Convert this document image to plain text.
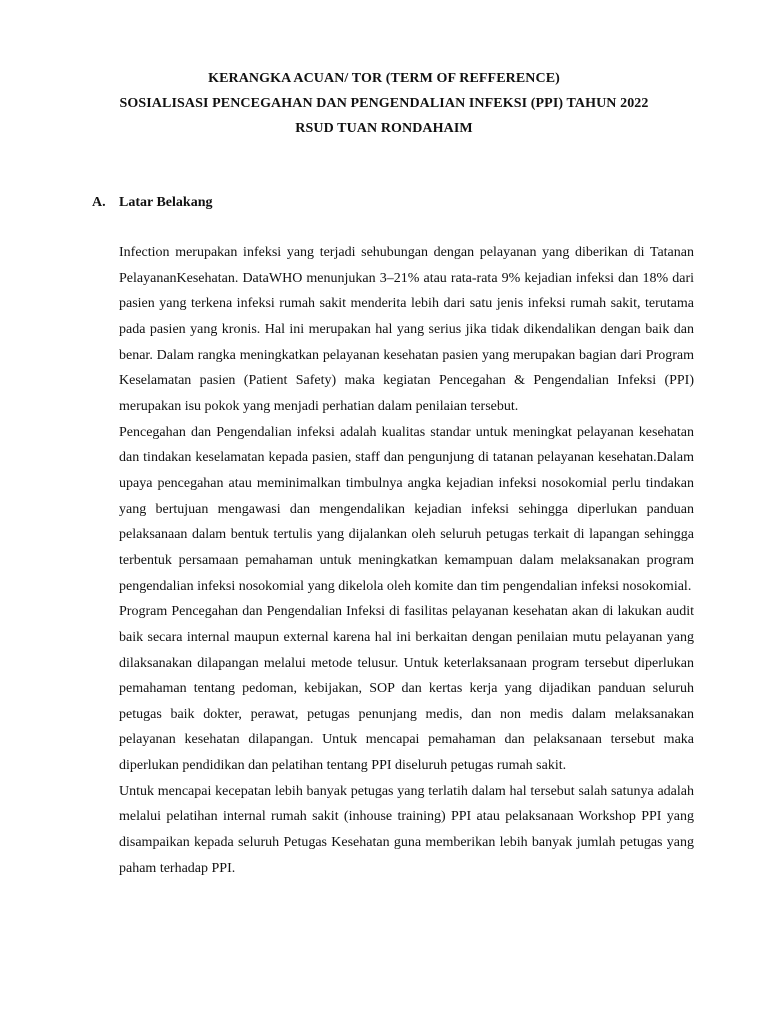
KERANGKA ACUAN/ TOR (TERM OF REFFERENCE)
SOSIALISASI PENCEGAHAN DAN PENGENDALIAN INFEKSI (PPI) TAHUN 2022
RSUD TUAN RONDAHAIM
A. Latar Belakang

Infection merupakan infeksi yang terjadi sehubungan dengan pelayanan yang diberikan di Tatanan PelayananKesehatan. DataWHO menunjukan 3‒21% atau rata-rata 9% kejadian infeksi dan 18% dari pasien yang terkena infeksi rumah sakit menderita lebih dari satu jenis infeksi rumah sakit, terutama pada pasien yang kronis. Hal ini merupakan hal yang serius jika tidak dikendalikan dengan baik dan benar. Dalam rangka meningkatkan pelayanan kesehatan pasien yang merupakan bagian dari Program Keselamatan pasien (Patient Safety) maka kegiatan Pencegahan & Pengendalian Infeksi (PPI) merupakan isu pokok yang menjadi perhatian dalam penilaian tersebut.

Pencegahan dan Pengendalian infeksi adalah kualitas standar untuk meningkat pelayanan kesehatan dan tindakan keselamatan kepada pasien, staff dan pengunjung di tatanan pelayanan kesehatan.Dalam upaya pencegahan atau meminimalkan timbulnya angka kejadian infeksi nosokomial perlu tindakan yang bertujuan mengawasi dan mengendalikan kejadian infeksi sehingga diperlukan panduan pelaksanaan dalam bentuk tertulis yang dijalankan oleh seluruh petugas terkait di lapangan sehingga terbentuk persamaan pemahaman untuk meningkatkan kemampuan dalam melaksanakan program pengendalian infeksi nosokomial yang dikelola oleh komite dan tim pengendalian infeksi nosokomial.

Program Pencegahan dan Pengendalian Infeksi di fasilitas pelayanan kesehatan akan di lakukan audit baik secara internal maupun external karena hal ini berkaitan dengan penilaian mutu pelayanan yang dilaksanakan dilapangan melalui metode telusur. Untuk keterlaksanaan program tersebut diperlukan pemahaman tentang pedoman, kebijakan, SOP dan kertas kerja yang dijadikan panduan seluruh petugas baik dokter, perawat, petugas penunjang medis, dan non medis dalam melaksanakan pelayanan kesehatan dilapangan. Untuk mencapai pemahaman dan pelaksanaan tersebut maka diperlukan pendidikan dan pelatihan tentang PPI diseluruh petugas rumah sakit.

Untuk mencapai kecepatan lebih banyak petugas yang terlatih dalam hal tersebut salah satunya adalah melalui pelatihan internal rumah sakit (inhouse training) PPI atau pelaksanaan Workshop PPI yang disampaikan kepada seluruh Petugas Kesehatan guna memberikan lebih banyak jumlah petugas yang paham terhadap PPI.
